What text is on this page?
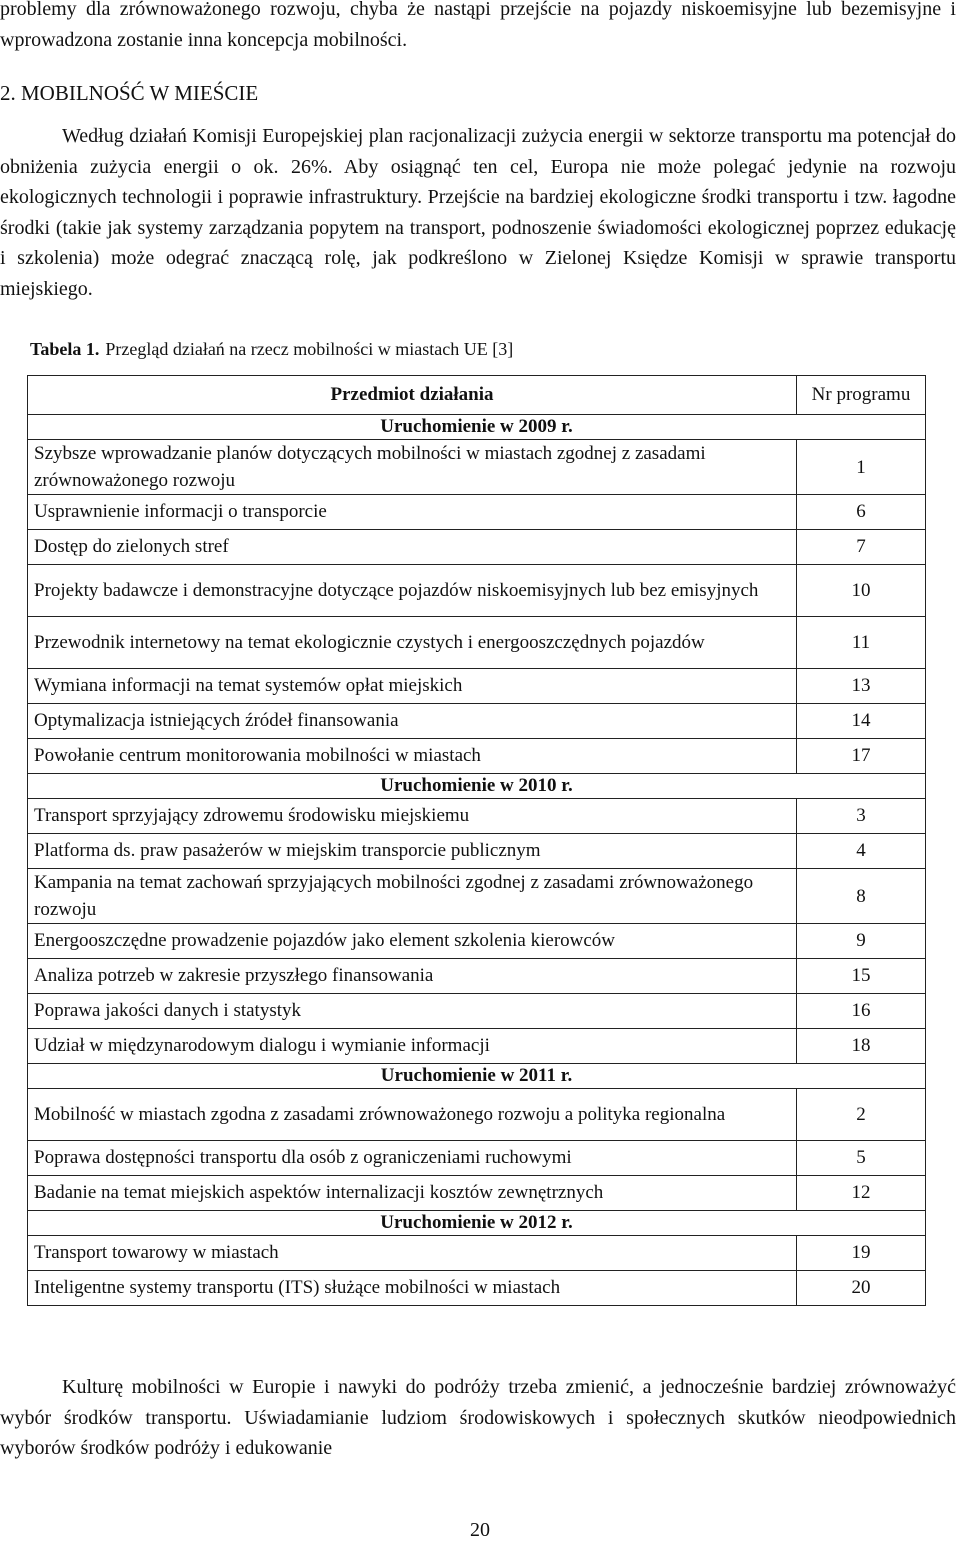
problemy dla zrównoważonego rozwoju, chyba że nastąpi przejście na pojazdy niskoemisyjne lub bezemisyjne i wprowadzona zostanie inna koncepcja mobilności.

2. MOBILNOŚĆ W MIEŚCIE

Według działań Komisji Europejskiej plan racjonalizacji zużycia energii w sektorze transportu ma potencjał do obniżenia zużycia energii o ok. 26%. Aby osiągnąć ten cel, Europa nie może polegać jedynie na rozwoju ekologicznych technologii i poprawie infrastruktury. Przejście na bardziej ekologiczne środki transportu i tzw. łagodne środki (takie jak systemy zarządzania popytem na transport, podnoszenie świadomości ekologicznej poprzez edukację i szkolenia) może odegrać znaczącą rolę, jak podkreślono w Zielonej Księdze Komisji w sprawie transportu miejskiego.

Tabela 1. Przegląd działań na rzecz mobilności w miastach UE [3]
Przedmiot działania	Nr programu
Uruchomienie w 2009 r.	
Szybsze wprowadzanie planów dotyczących mobilności w miastach zgodnej z zasadami zrównoważonego rozwoju	1
Usprawnienie informacji o transporcie	6
Dostęp do zielonych stref	7
Projekty badawcze i demonstracyjne dotyczące pojazdów niskoemisyjnych lub bez emisyjnych	10
Przewodnik internetowy na temat ekologicznie czystych i energooszczędnych pojazdów	11
Wymiana informacji na temat systemów opłat miejskich	13
Optymalizacja istniejących źródeł finansowania	14
Powołanie centrum monitorowania mobilności w miastach	17
Uruchomienie w 2010 r.	
Transport sprzyjający zdrowemu środowisku miejskiemu	3
Platforma ds. praw pasażerów w miejskim transporcie publicznym	4
Kampania na temat zachowań sprzyjających mobilności zgodnej z zasadami zrównoważonego rozwoju	8
Energooszczędne prowadzenie pojazdów jako element szkolenia kierowców	9
Analiza potrzeb w zakresie przyszłego finansowania	15
Poprawa jakości danych i statystyk	16
Udział w międzynarodowym dialogu i wymianie informacji	18
Uruchomienie w 2011 r.	
Mobilność w miastach zgodna z zasadami zrównoważonego rozwoju a polityka regionalna	2
Poprawa dostępności transportu dla osób z ograniczeniami ruchowymi	5
Badanie na temat miejskich aspektów internalizacji kosztów zewnętrznych	12
Uruchomienie w 2012 r.	
Transport towarowy w miastach	19
Inteligentne systemy transportu (ITS) służące mobilności w miastach	20

Kulturę mobilności w Europie i nawyki do podróży trzeba zmienić, a jednocześnie bardziej zrównoważyć wybór środków transportu. Uświadamianie ludziom środowiskowych i społecznych skutków nieodpowiednich wyborów środków podróży i edukowanie

20
